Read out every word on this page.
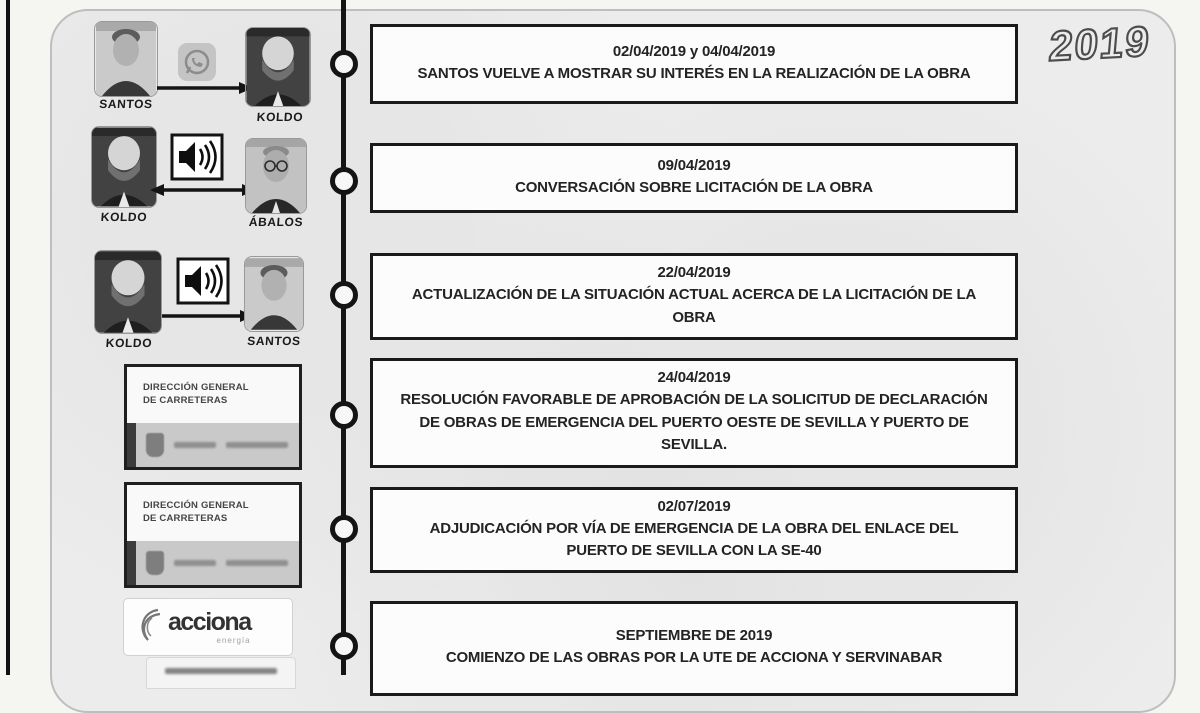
02/04/2019 y 04/04/2019
SANTOS VUELVE A MOSTRAR SU INTERÉS EN LA REALIZACIÓN DE LA OBRA
09/04/2019
CONVERSACIÓN SOBRE LICITACIÓN DE LA OBRA
22/04/2019
ACTUALIZACIÓN DE LA SITUACIÓN ACTUAL ACERCA DE LA LICITACIÓN DE LA OBRA
24/04/2019
RESOLUCIÓN FAVORABLE DE APROBACIÓN DE LA SOLICITUD DE DECLARACIÓN DE OBRAS DE EMERGENCIA DEL PUERTO OESTE DE SEVILLA Y PUERTO DE SEVILLA.
02/07/2019
ADJUDICACIÓN POR VÍA DE EMERGENCIA DE LA OBRA DEL ENLACE DEL PUERTO DE SEVILLA CON LA SE-40
SEPTIEMBRE DE 2019
COMIENZO DE LAS OBRAS POR LA UTE DE ACCIONA Y SERVINABAR
SANTOS
KOLDO
KOLDO	ÁBALOS
KOLDO	SANTOS
DIRECCIÓN GENERAL
DE CARRETERAS
DIRECCIÓN GENERAL
DE CARRETERAS
acciona
energía
2019
